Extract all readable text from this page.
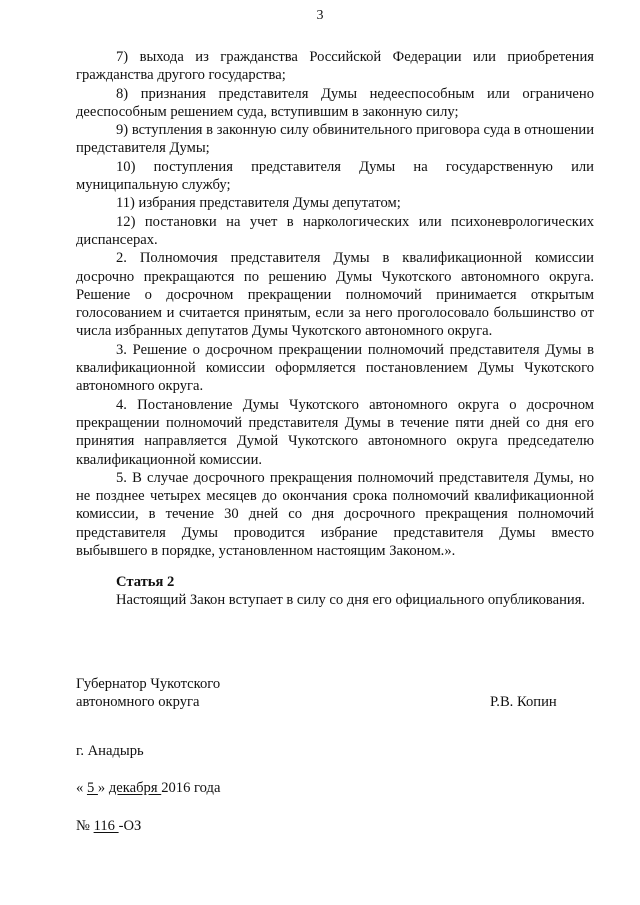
3

7) выхода из гражданства Российской Федерации или приобретения гражданства другого государства;

8) признания представителя Думы недееспособным или ограничено дееспособным решением суда, вступившим в законную силу;

9) вступления в законную силу обвинительного приговора суда в отношении представителя Думы;

10) поступления представителя Думы на государственную или муниципальную службу;

11) избрания представителя Думы депутатом;

12) постановки на учет в наркологических или психоневрологических диспансерах.

2. Полномочия представителя Думы в квалификационной комиссии досрочно прекращаются по решению Думы Чукотского автономного округа. Решение о досрочном прекращении полномочий принимается открытым голосованием и считается принятым, если за него проголосовало большинство от числа избранных депутатов Думы Чукотского автономного округа.

3. Решение о досрочном прекращении полномочий представителя Думы в квалификационной комиссии оформляется постановлением Думы Чукотского автономного округа.

4. Постановление Думы Чукотского автономного округа о досрочном прекращении полномочий представителя Думы в течение пяти дней со дня его принятия направляется Думой Чукотского автономного округа председателю квалификационной комиссии.

5. В случае досрочного прекращения полномочий представителя Думы, но не позднее четырех месяцев до окончания срока полномочий квалификационной комиссии, в течение 30 дней со дня досрочного прекращения полномочий представителя Думы проводится избрание представителя Думы вместо выбывшего в порядке, установленном настоящим Законом.».

Статья 2
Настоящий Закон вступает в силу со дня его официального опубликования.
Губернатор Чукотского
автономного округа	Р.В. Копин
г. Анадырь
« 5 » декабря 2016 года
№ 116 -ОЗ
